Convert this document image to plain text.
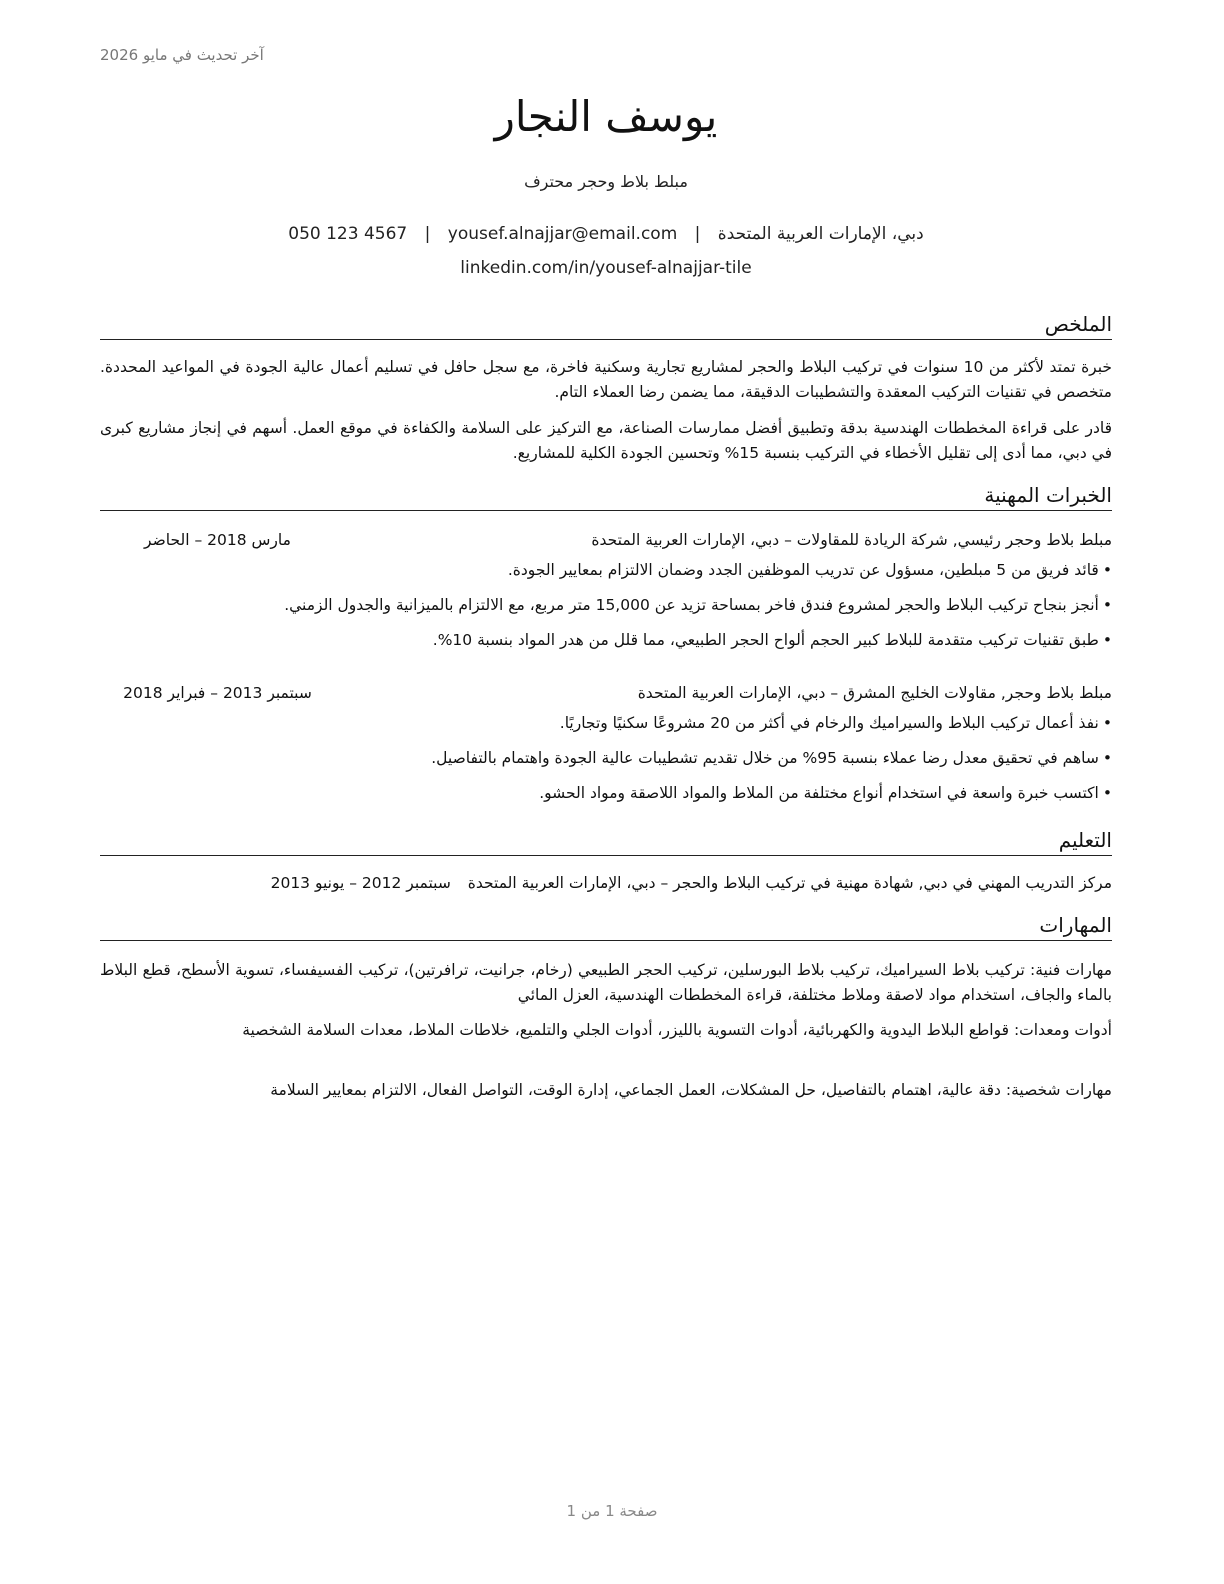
آخر تحديث في مايو 2026
يوسف النجار
مبلط بلاط وحجر محترف
دبي، الإمارات العربية المتحدة | yousef.alnajjar@email.com | 050 123 4567
linkedin.com/in/yousef-alnajjar-tile
الملخص
خبرة تمتد لأكثر من 10 سنوات في تركيب البلاط والحجر لمشاريع تجارية وسكنية فاخرة، مع سجل حافل في تسليم أعمال عالية الجودة في المواعيد المحددة. متخصص في تقنيات التركيب المعقدة والتشطيبات الدقيقة، مما يضمن رضا العملاء التام.
قادر على قراءة المخططات الهندسية بدقة وتطبيق أفضل ممارسات الصناعة، مع التركيز على السلامة والكفاءة في موقع العمل. أسهم في إنجاز مشاريع كبرى في دبي، مما أدى إلى تقليل الأخطاء في التركيب بنسبة 15% وتحسين الجودة الكلية للمشاريع.
الخبرات المهنية
مبلط بلاط وحجر رئيسي, شركة الريادة للمقاولات – دبي، الإمارات العربية المتحدة
مارس 2018 – الحاضر
•قائد فريق من 5 مبلطين، مسؤول عن تدريب الموظفين الجدد وضمان الالتزام بمعايير الجودة.
•أنجز بنجاح تركيب البلاط والحجر لمشروع فندق فاخر بمساحة تزيد عن 15,000 متر مربع، مع الالتزام بالميزانية والجدول الزمني.
•طبق تقنيات تركيب متقدمة للبلاط كبير الحجم ألواح الحجر الطبيعي، مما قلل من هدر المواد بنسبة 10%.
مبلط بلاط وحجر, مقاولات الخليج المشرق – دبي، الإمارات العربية المتحدة
سبتمبر 2013 – فبراير 2018
•نفذ أعمال تركيب البلاط والسيراميك والرخام في أكثر من 20 مشروعًا سكنيًا وتجاريًا.
•ساهم في تحقيق معدل رضا عملاء بنسبة 95% من خلال تقديم تشطيبات عالية الجودة واهتمام بالتفاصيل.
•اكتسب خبرة واسعة في استخدام أنواع مختلفة من الملاط والمواد اللاصقة ومواد الحشو.
التعليم
مركز التدريب المهني في دبي, شهادة مهنية في تركيب البلاط والحجر – دبي، الإمارات العربية المتحدة سبتمبر 2012 – يونيو 2013
المهارات
مهارات فنية: تركيب بلاط السيراميك، تركيب بلاط البورسلين، تركيب الحجر الطبيعي (رخام، جرانيت، ترافرتين)، تركيب الفسيفساء، تسوية الأسطح، قطع البلاط بالماء والجاف، استخدام مواد لاصقة وملاط مختلفة، قراءة المخططات الهندسية، العزل المائي
أدوات ومعدات: قواطع البلاط اليدوية والكهربائية، أدوات التسوية بالليزر، أدوات الجلي والتلميع، خلاطات الملاط، معدات السلامة الشخصية
مهارات شخصية: دقة عالية، اهتمام بالتفاصيل، حل المشكلات، العمل الجماعي، إدارة الوقت، التواصل الفعال، الالتزام بمعايير السلامة
صفحة 1 من 1
